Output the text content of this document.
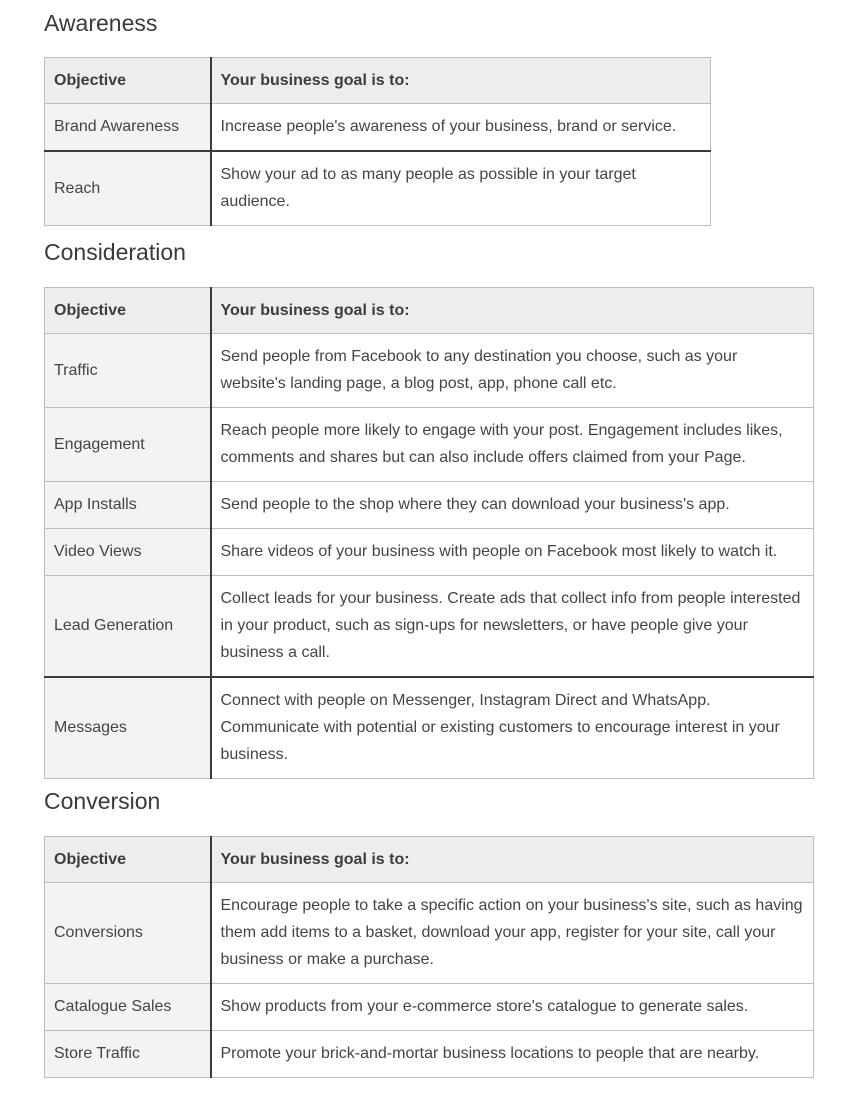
Awareness
Objective	Your business goal is to:
Brand Awareness	Increase people's awareness of your business, brand or service.
Reach	Show your ad to as many people as possible in your target audience.
Consideration
Objective	Your business goal is to:
Traffic	Send people from Facebook to any destination you choose, such as your website's landing page, a blog post, app, phone call etc.
Engagement	Reach people more likely to engage with your post. Engagement includes likes, comments and shares but can also include offers claimed from your Page.
App Installs	Send people to the shop where they can download your business's app.
Video Views	Share videos of your business with people on Facebook most likely to watch it.
Lead Generation	Collect leads for your business. Create ads that collect info from people interested in your product, such as sign-ups for newsletters, or have people give your business a call.
Messages	Connect with people on Messenger, Instagram Direct and WhatsApp. Communicate with potential or existing customers to encourage interest in your business.
Conversion
Objective	Your business goal is to:
Conversions	Encourage people to take a specific action on your business's site, such as having them add items to a basket, download your app, register for your site, call your business or make a purchase.
Catalogue Sales	Show products from your e-commerce store's catalogue to generate sales.
Store Traffic	Promote your brick-and-mortar business locations to people that are nearby.
